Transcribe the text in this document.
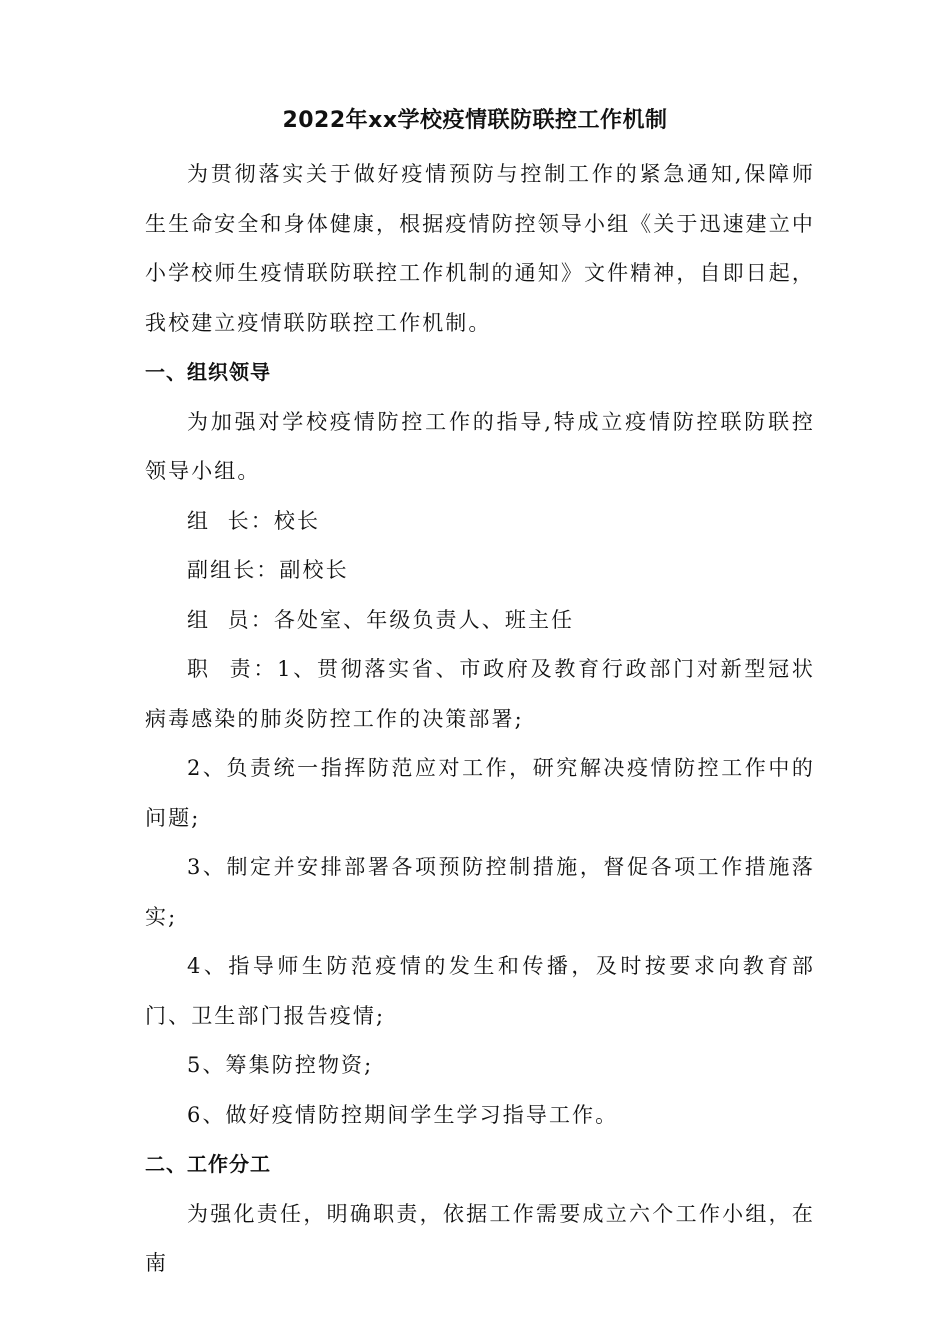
2022年xx学校疫情联防联控工作机制

为贯彻落实关于做好疫情预防与控制工作的紧急通知,保障师生生命安全和身体健康，根据疫情防控领导小组《关于迅速建立中小学校师生疫情联防联控工作机制的通知》文件精神，自即日起，我校建立疫情联防联控工作机制。

一、组织领导

为加强对学校疫情防控工作的指导,特成立疫情防控联防联控领导小组。

组  长：校长

副组长：副校长

组  员：各处室、年级负责人、班主任

职  责：1、贯彻落实省、市政府及教育行政部门对新型冠状病毒感染的肺炎防控工作的决策部署;

2、负责统一指挥防范应对工作，研究解决疫情防控工作中的问题;

3、制定并安排部署各项预防控制措施，督促各项工作措施落实;

4、指导师生防范疫情的发生和传播，及时按要求向教育部门、卫生部门报告疫情;

5、筹集防控物资;

6、做好疫情防控期间学生学习指导工作。

二、工作分工

为强化责任，明确职责，依据工作需要成立六个工作小组，在南
